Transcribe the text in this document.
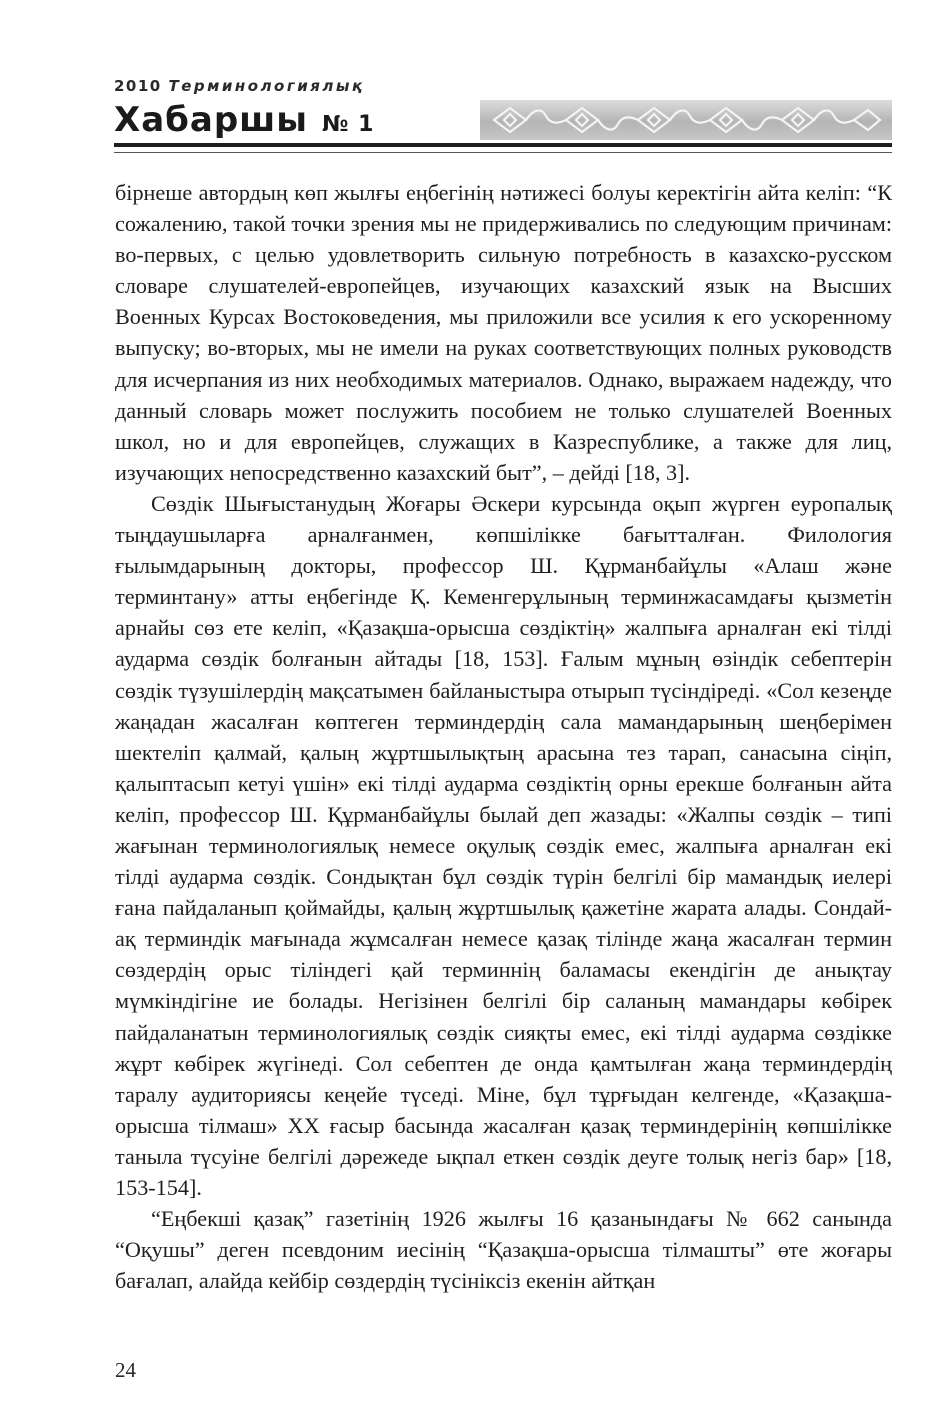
2010 Терминологиялық
Хабаршы № 1

бірнеше автордың көп жылғы еңбегінің нәтижесі болуы керектігін айта келіп: “К сожалению, такой точки зрения мы не придерживались по следующим причинам: во-первых, с целью удовлетворить сильную потребность в казахско-русском словаре слушателей-европейцев, изучающих казахский язык на Высших Военных Курсах Востоковедения, мы приложили все усилия к его ускоренному выпуску; во-вторых, мы не имели на руках соответствующих полных руководств для исчерпания из них необходимых материалов. Однако, выражаем надежду, что данный словарь может послужить пособием не только слушателей Военных школ, но и для европейцев, служащих в Казреспублике, а также для лиц, изучающих непосредственно казахский быт”, – дейді [18, 3].

Сөздік Шығыстанудың Жоғары Әскери курсында оқып жүрген еуропалық тыңдаушыларға арналғанмен, көпшілікке бағытталған. Филология ғылымдарының докторы, профессор Ш. Құрманбайұлы «Алаш және терминтану» атты еңбегінде Қ. Кеменгерұлының терминжасамдағы қызметін арнайы сөз ете келіп, «Қазақша-орысша сөздіктің» жалпыға арналған екі тілді аударма сөздік болғанын айтады [18, 153]. Ғалым мұның өзіндік себептерін сөздік түзушілердің мақсатымен байланыстыра отырып түсіндіреді. «Сол кезеңде жаңадан жасалған көптеген терминдердің сала мамандарының шеңберімен шектеліп қалмай, қалың жұртшылықтың арасына тез тарап, санасына сіңіп, қалыптасып кетуі үшін» екі тілді аударма сөздіктің орны ерекше болғанын айта келіп, профессор Ш. Құрманбайұлы былай деп жазады: «Жалпы сөздік – типі жағынан терминологиялық немесе оқулық сөздік емес, жалпыға арналған екі тілді аударма сөздік. Сондықтан бұл сөздік түрін белгілі бір мамандық иелері ғана пайдаланып қоймайды, қалың жұртшылық қажетіне жарата алады. Сондай-ақ терминдік мағынада жұмсалған немесе қазақ тілінде жаңа жасалған термин сөздердің орыс тіліндегі қай терминнің баламасы екендігін де анықтау мүмкіндігіне ие болады. Негізінен белгілі бір саланың мамандары көбірек пайдаланатын терминологиялық сөздік сияқты емес, екі тілді аударма сөздікке жұрт көбірек жүгінеді. Сол себептен де онда қамтылған жаңа терминдердің таралу аудиториясы кеңейе түседі. Міне, бұл тұрғыдан келгенде, «Қазақша-орысша тілмаш» ХХ ғасыр басында жасалған қазақ терминдерінің көпшілікке таныла түсуіне белгілі дәрежеде ықпал еткен сөздік деуге толық негіз бар» [18, 153-154].

“Еңбекші қазақ” газетінің 1926 жылғы 16 қазанындағы № 662 санында “Оқушы” деген псевдоним иесінің “Қазақша-орысша тілмашты” өте жоғары бағалап, алайда кейбір сөздердің түсініксіз екенін айтқан

24
